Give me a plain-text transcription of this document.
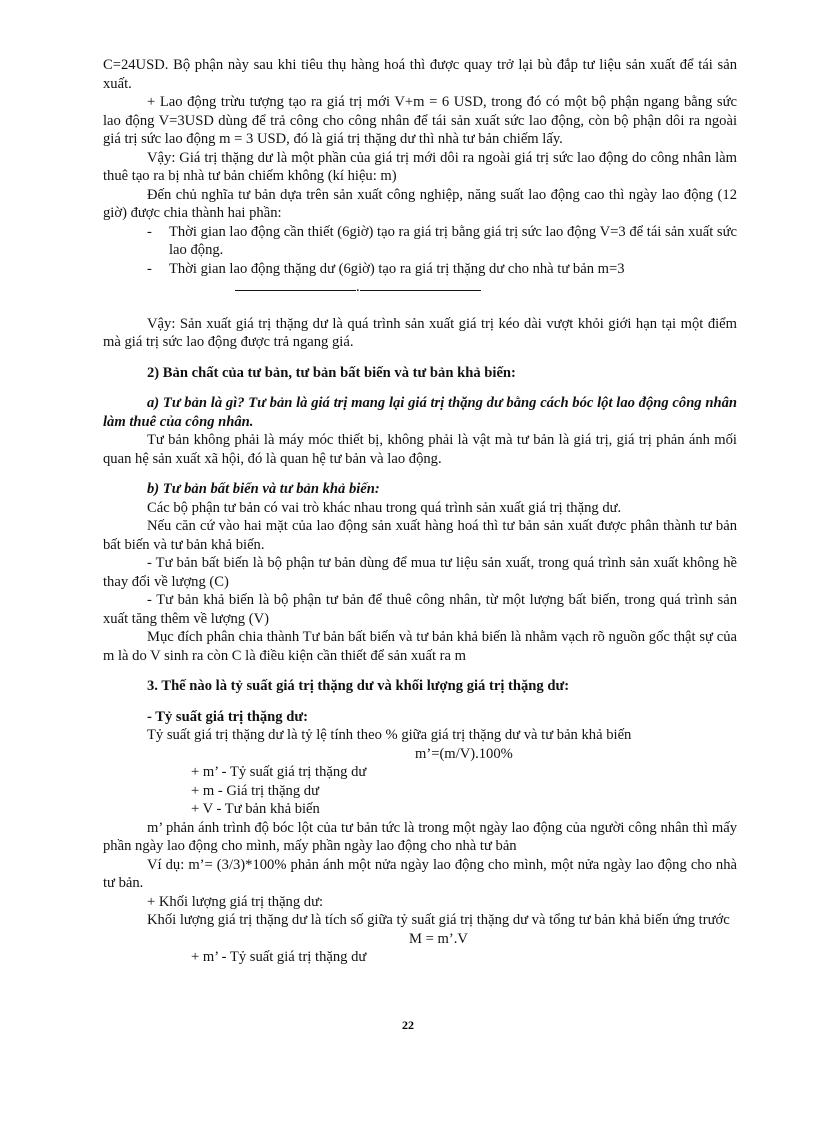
C=24USD. Bộ phận này sau khi tiêu thụ hàng hoá thì được quay trở lại bù đắp tư liệu sản xuất để tái sản xuất.

+ Lao động trừu tượng tạo ra giá trị mới V+m = 6 USD, trong đó có một bộ phận ngang bằng sức lao động V=3USD dùng để trả công cho công nhân để tái sản xuất sức lao động, còn bộ phận dôi ra ngoài giá trị sức lao động m = 3 USD, đó là giá trị thặng dư thì nhà tư bản chiếm lấy.

Vậy: Giá trị thặng dư là một phần của giá trị mới dôi ra ngoài giá trị sức lao động do công nhân làm thuê tạo ra bị nhà tư bản chiếm không (kí hiệu: m)

Đến chủ nghĩa tư bản dựa trên sản xuất công nghiệp, năng suất lao động cao thì ngày lao động (12 giờ) được chia thành hai phần:

-	Thời gian lao động cần thiết (6giờ) tạo ra giá trị bằng giá trị sức lao động V=3 để tái sản xuất sức lao động.
-	Thời gian lao động thặng dư (6giờ) tạo ra giá trị thặng dư cho nhà tư bản m=3

.

Vậy: Sản xuất giá trị thặng dư là quá trình sản xuất giá trị kéo dài vượt khỏi giới hạn tại một điểm mà giá trị sức lao động được trả ngang giá.

2) Bản chất của tư bản, tư bản bất biến và tư bản khả biến:

a) Tư bản là gì? Tư bản là giá trị mang lại giá trị thặng dư bằng cách bóc lột lao động công nhân làm thuê của công nhân.

Tư bản không phải là máy móc thiết bị, không phải là vật mà tư bản là giá trị, giá trị phản ánh mối quan hệ sản xuất xã hội, đó là quan hệ tư bản và lao động.

b) Tư bản bất biến và tư bản khả biến:

Các bộ phận tư bản có vai trò khác nhau trong quá trình sản xuất giá trị thặng dư.

Nếu căn cứ vào hai mặt của lao động sản xuất hàng hoá thì tư bản sản xuất được phân thành tư bản bất biến và tư bản khả biến.

- Tư bản bất biến là bộ phận tư bản dùng để mua tư liệu sản xuất, trong quá trình sản xuất không hề thay đổi về lượng (C)

- Tư bản khả biến là bộ phận tư bản để thuê công nhân, từ một lượng bất biến, trong quá trình sản xuất tăng thêm về lượng (V)

Mục đích phân chia thành Tư bản bất biến và tư bản khả biến là nhằm vạch rõ nguồn gốc thật sự của m là do V sinh ra còn C là điều kiện cần thiết để sản xuất ra m

3. Thế nào là tỷ suất giá trị thặng dư và khối lượng giá trị thặng dư:

- Tỷ suất giá trị thặng dư:

Tỷ suất giá trị thặng dư là tỷ lệ tính theo % giữa giá trị thặng dư và tư bản khả biến

m’=(m/V).100%

+ m’ - Tỷ suất giá trị thặng dư

+ m - Giá trị thặng dư

+ V - Tư bản khả biến

m’ phản ánh trình độ bóc lột của tư bản tức là trong một ngày lao động của người công nhân thì mấy phần ngày lao động cho mình, mấy phần ngày lao động cho nhà tư bản

Ví dụ: m’= (3/3)*100% phản ánh một nửa ngày lao động cho mình, một nửa ngày lao động cho nhà tư bản.

+ Khối lượng giá trị thặng dư:

Khối lượng giá trị thặng dư là tích số giữa tỷ suất giá trị thặng dư và tổng tư bản khả biến ứng trước

M = m’.V

+ m’ - Tỷ suất giá trị thặng dư

22
